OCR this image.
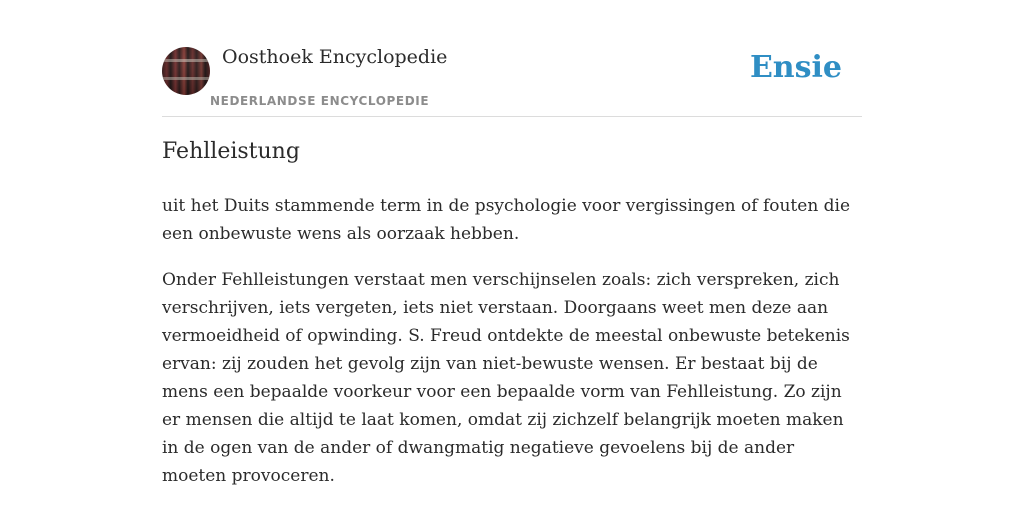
Oosthoek Encyclopedie
NEDERLANDSE ENCYCLOPEDIE
Ensie
Fehlleistung

uit het Duits stammende term in de psychologie voor vergissingen of fouten die een onbewuste wens als oorzaak hebben.

Onder Fehlleistungen verstaat men verschijnselen zoals: zich verspreken, zich verschrijven, iets vergeten, iets niet verstaan. Doorgaans weet men deze aan vermoeidheid of opwinding. S. Freud ontdekte de meestal onbewuste betekenis ervan: zij zouden het gevolg zijn van niet-bewuste wensen. Er bestaat bij de mens een bepaalde voorkeur voor een bepaalde vorm van Fehlleistung. Zo zijn er mensen die altijd te laat komen, omdat zij zichzelf belangrijk moeten maken in de ogen van de ander of dwangmatig negatieve gevoelens bij de ander moeten provoceren.
